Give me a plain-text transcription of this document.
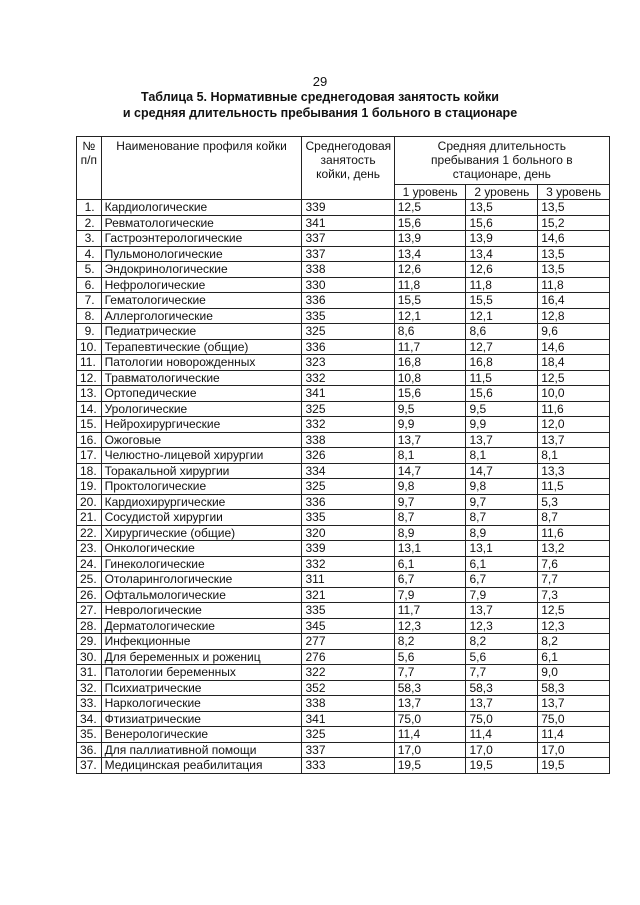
29
Таблица 5. Нормативные среднегодовая занятость койки
и средняя длительность пребывания 1 больного в стационаре
№ п/п	Наименование профиля койки	Среднегодовая занятость койки, день	Средняя длительность пребывания 1 больного в стационаре, день		
			1 уровень	2 уровень	3 уровень
1.	Кардиологические	339	12,5	13,5	13,5
2.	Ревматологические	341	15,6	15,6	15,2
3.	Гастроэнтерологические	337	13,9	13,9	14,6
4.	Пульмонологические	337	13,4	13,4	13,5
5.	Эндокринологические	338	12,6	12,6	13,5
6.	Нефрологические	330	11,8	11,8	11,8
7.	Гематологические	336	15,5	15,5	16,4
8.	Аллергологические	335	12,1	12,1	12,8
9.	Педиатрические	325	8,6	8,6	9,6
10.	Терапевтические (общие)	336	11,7	12,7	14,6
11.	Патологии новорожденных	323	16,8	16,8	18,4
12.	Травматологические	332	10,8	11,5	12,5
13.	Ортопедические	341	15,6	15,6	10,0
14.	Урологические	325	9,5	9,5	11,6
15.	Нейрохирургические	332	9,9	9,9	12,0
16.	Ожоговые	338	13,7	13,7	13,7
17.	Челюстно-лицевой хирургии	326	8,1	8,1	8,1
18.	Торакальной хирургии	334	14,7	14,7	13,3
19.	Проктологические	325	9,8	9,8	11,5
20.	Кардиохирургические	336	9,7	9,7	5,3
21.	Сосудистой хирургии	335	8,7	8,7	8,7
22.	Хирургические (общие)	320	8,9	8,9	11,6
23.	Онкологические	339	13,1	13,1	13,2
24.	Гинекологические	332	6,1	6,1	7,6
25.	Отоларингологические	311	6,7	6,7	7,7
26.	Офтальмологические	321	7,9	7,9	7,3
27.	Неврологические	335	11,7	13,7	12,5
28.	Дерматологические	345	12,3	12,3	12,3
29.	Инфекционные	277	8,2	8,2	8,2
30.	Для беременных и рожениц	276	5,6	5,6	6,1
31.	Патологии беременных	322	7,7	7,7	9,0
32.	Психиатрические	352	58,3	58,3	58,3
33.	Наркологические	338	13,7	13,7	13,7
34.	Фтизиатрические	341	75,0	75,0	75,0
35.	Венерологические	325	11,4	11,4	11,4
36.	Для паллиативной помощи	337	17,0	17,0	17,0
37.	Медицинская реабилитация	333	19,5	19,5	19,5
